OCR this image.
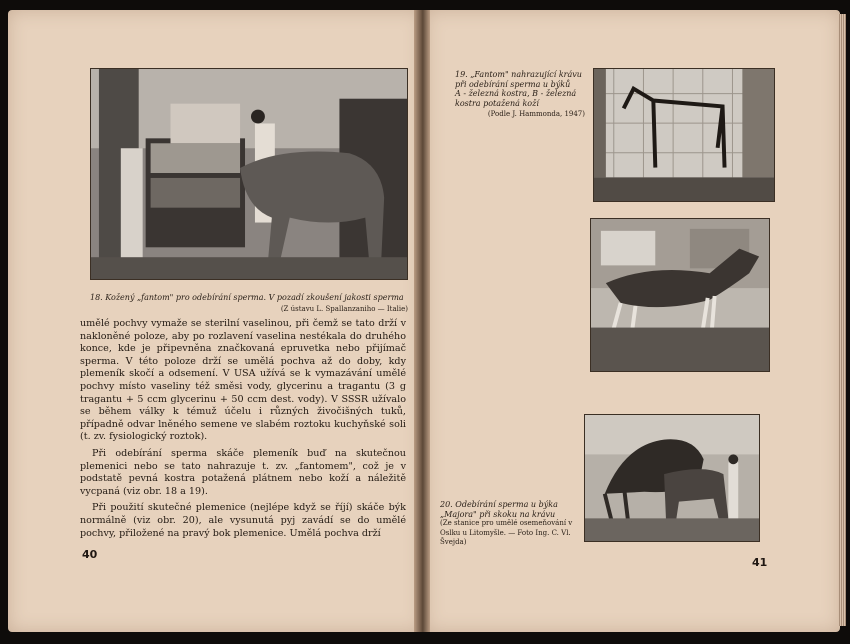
18. Kožený „fantom" pro odebírání sperma. V pozadí zkoušení jakosti sperma
(Z ústavu L. Spallanzaniho — Italie)

umělé pochvy vymaže se sterilní vaselinou, při čemž se tato drží v nakloněné poloze, aby po rozlavení vaselina nestékala do druhého konce, kde je připevněna značkovaná epruvetka nebo přijímač sperma. V této poloze drží se umělá pochva až do doby, kdy plemeník skočí a odsemení. V USA užívá se k vymazávání umělé pochvy místo vaseliny též směsi vody, glycerinu a tragantu (3 g tragantu + 5 ccm glycerinu + 50 ccm dest. vody). V SSSR užívalo se během války k témuž účelu i různých živočišných tuků, případně odvar lněného semene ve slabém roztoku kuchyňské soli (t. zv. fysiologický roztok).

Při odebírání sperma skáče plemeník buď na skutečnou plemenici nebo se tato nahrazuje t. zv. „fantomem", což je v podstatě pevná kostra potažená plátnem nebo koží a náležitě vycpaná (viz obr. 18 a 19).

Při použití skutečné plemenice (nejlépe když se říjí) skáče býk normálně (viz obr. 20), ale vysunutá pyj zavádí se do umělé pochvy, přiložené na pravý bok plemenice. Umělá pochva drží

40
19. „Fantom" nahrazující krávu při odebírání sperma u býků
A - železná kostra, B - železná kostra potažená koží
(Podle J. Hammonda, 1947)
20. Odebírání sperma u býka „Majora" při skoku na krávu
(Ze stanice pro umělé osemeňování v Oslku u Litomyšle. — Foto Ing. C. Vl. Švejda)
41
